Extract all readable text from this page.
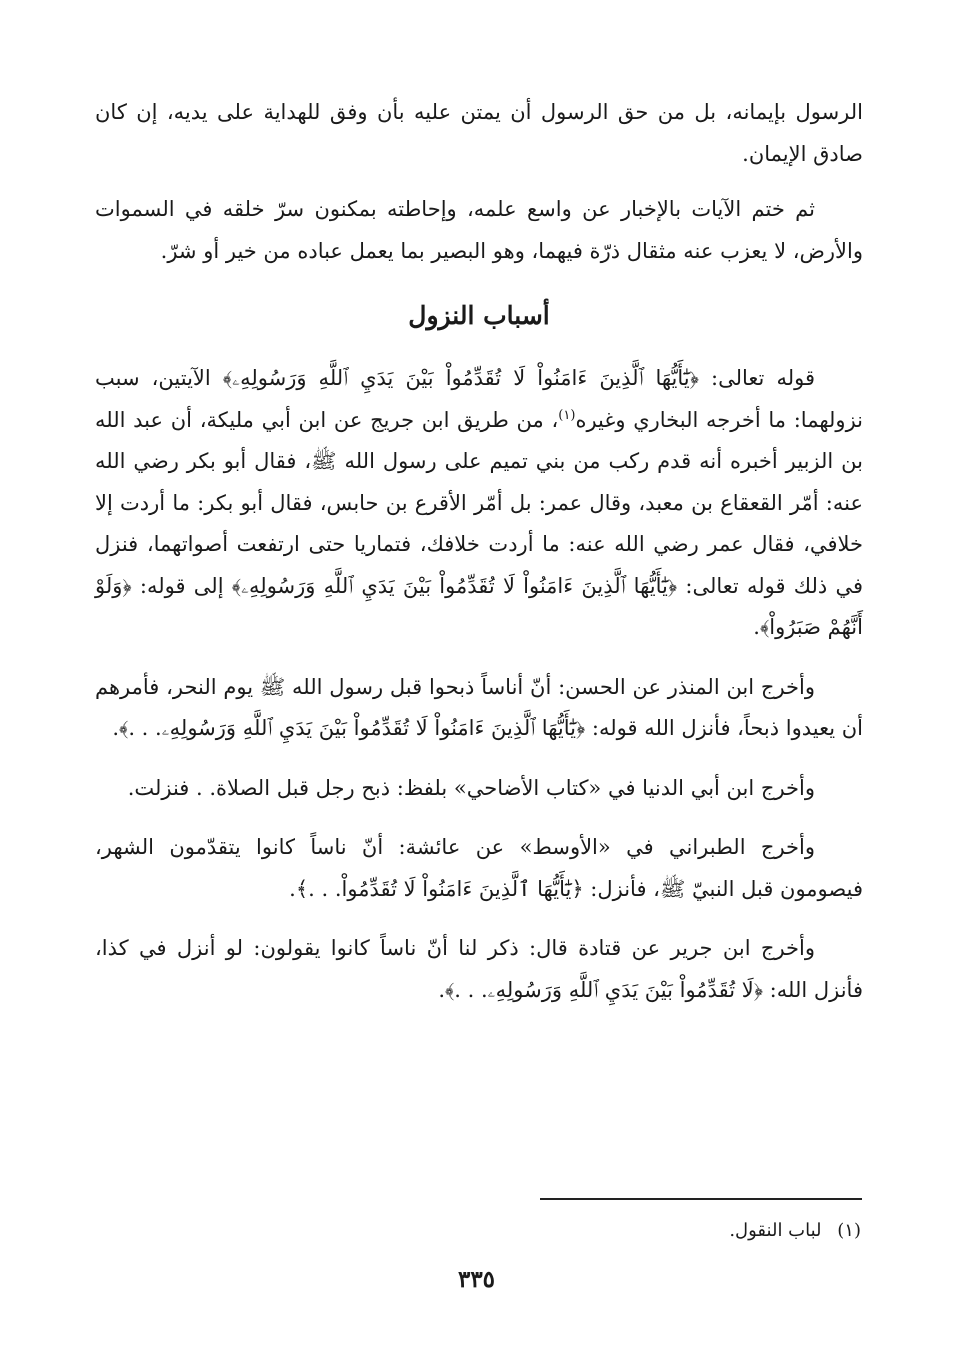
الرسول بإيمانه، بل من حق الرسول أن يمتن عليه بأن وفق للهداية على يديه، إن كان صادق الإيمان.

ثم ختم الآيات بالإخبار عن واسع علمه، وإحاطته بمكنون سرّ خلقه في السموات والأرض، لا يعزب عنه مثقال ذرّة فيهما، وهو البصير بما يعمل عباده من خير أو شرّ.

أسباب النزول

قوله تعالى: ﴿يَٰٓأَيُّهَا ٱلَّذِينَ ءَامَنُواْ لَا تُقَدِّمُواْ بَيْنَ يَدَيِ ٱللَّهِ وَرَسُولِهِۦ﴾ الآيتين، سبب نزولهما: ما أخرجه البخاري وغيره$^{(١)}$، من طريق ابن جريج عن ابن أبي مليكة، أن عبد الله بن الزبير أخبره أنه قدم ركب من بني تميم على رسول الله ﷺ، فقال أبو بكر رضي الله عنه: أمّر القعقاع بن معبد، وقال عمر: بل أمّر الأقرع بن حابس، فقال أبو بكر: ما أردت إلا خلافي، فقال عمر رضي الله عنه: ما أردت خلافك، فتماريا حتى ارتفعت أصواتهما، فنزل في ذلك قوله تعالى: ﴿يَٰٓأَيُّهَا ٱلَّذِينَ ءَامَنُواْ لَا تُقَدِّمُواْ بَيْنَ يَدَيِ ٱللَّهِ وَرَسُولِهِۦ﴾ إلى قوله: ﴿وَلَوْ أَنَّهُمْ صَبَرُواْ﴾.

وأخرج ابن المنذر عن الحسن: أنّ أناساً ذبحوا قبل رسول الله ﷺ يوم النحر، فأمرهم أن يعيدوا ذبحاً، فأنزل الله قوله: ﴿يَٰٓأَيُّهَا ٱلَّذِينَ ءَامَنُواْ لَا تُقَدِّمُواْ بَيْنَ يَدَيِ ٱللَّهِ وَرَسُولِهِۦ. . .﴾.

وأخرج ابن أبي الدنيا في «كتاب الأضاحي» بلفظ: ذبح رجل قبل الصلاة. . فنزلت.

وأخرج الطبراني في «الأوسط» عن عائشة: أنّ ناساً كانوا يتقدّمون الشهر، فيصومون قبل النبيّ ﷺ، فأنزل: ﴿يَٰٓأَيُّهَا ٱلَّذِينَ ءَامَنُواْ لَا تُقَدِّمُواْ. . .﴾.

وأخرج ابن جرير عن قتادة قال: ذكر لنا أنّ ناساً كانوا يقولون: لو أنزل في كذا، فأنزل الله: ﴿لَا تُقَدِّمُواْ بَيْنَ يَدَيِ ٱللَّهِ وَرَسُولِهِۦ. . .﴾.

(١) لباب النقول.
٣٣٥
